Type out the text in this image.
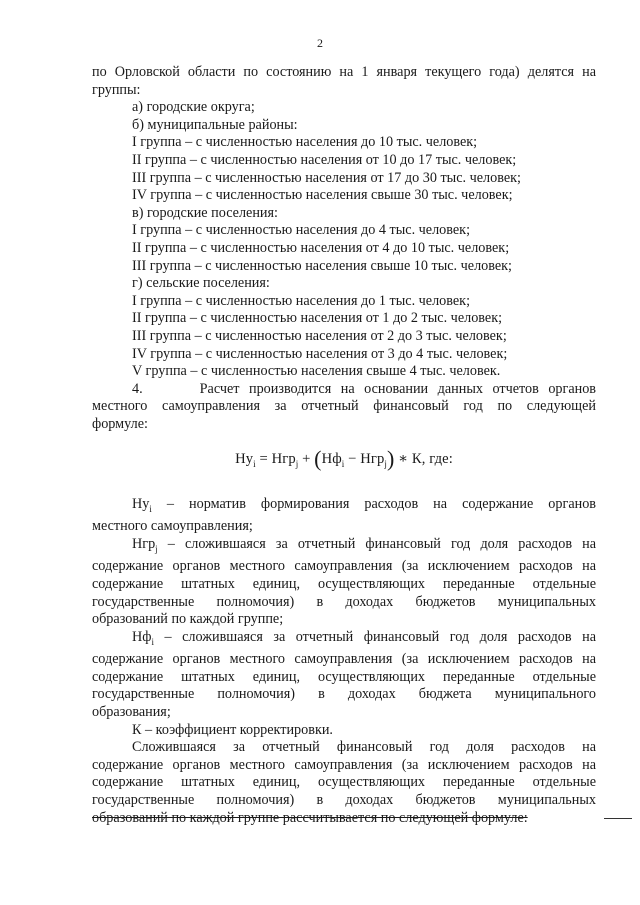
2

по Орловской области по состоянию на 1 января текущего года) делятся на

группы:

а) городские округа;

б) муниципальные районы:

I группа – с численностью населения до 10 тыс. человек;

II группа – с численностью населения от 10 до 17 тыс. человек;

III группа – с численностью населения от 17 до 30 тыс. человек;

IV группа – с численностью населения свыше 30 тыс. человек;

в) городские поселения:

I группа – с численностью населения до 4 тыс. человек;

II группа – с численностью населения от 4 до 10 тыс. человек;

III группа – с численностью населения свыше 10 тыс. человек;

г) сельские поселения:

I группа – с численностью населения до 1 тыс. человек;

II группа – с численностью населения от 1 до 2 тыс. человек;

III группа – с численностью населения от 2 до 3 тыс. человек;

IV группа – с численностью населения от 3 до 4 тыс. человек;

V группа – с численностью населения свыше 4 тыс. человек.

4.	Расчет производится на основании данных отчетов органов

местного самоуправления за отчетный финансовый год по следующей

формуле:

$Ну_i = Нгр_j + (Нф_i - Нгр_j)$ ∗ К, где:

$Ну_i$ – норматив формирования расходов на содержание органов

местного самоуправления;

Нгр$_j$ – сложившаяся за отчетный финансовый год доля расходов на

содержание органов местного самоуправления (за исключением расходов на

содержание штатных единиц, осуществляющих переданные отдельные

государственные полномочия) в доходах бюджетов муниципальных

образований по каждой группе;

$Нф_i$ – сложившаяся за отчетный финансовый год доля расходов на

содержание органов местного самоуправления (за исключением расходов на

содержание штатных единиц, осуществляющих переданные отдельные

государственные полномочия) в доходах бюджета муниципального

образования;

К – коэффициент корректировки.

Сложившаяся за отчетный финансовый год доля расходов на

содержание органов местного самоуправления (за исключением расходов на

содержание штатных единиц, осуществляющих переданные отдельные

государственные полномочия) в доходах бюджетов муниципальных

образований по каждой группе рассчитывается по следующей формуле:
